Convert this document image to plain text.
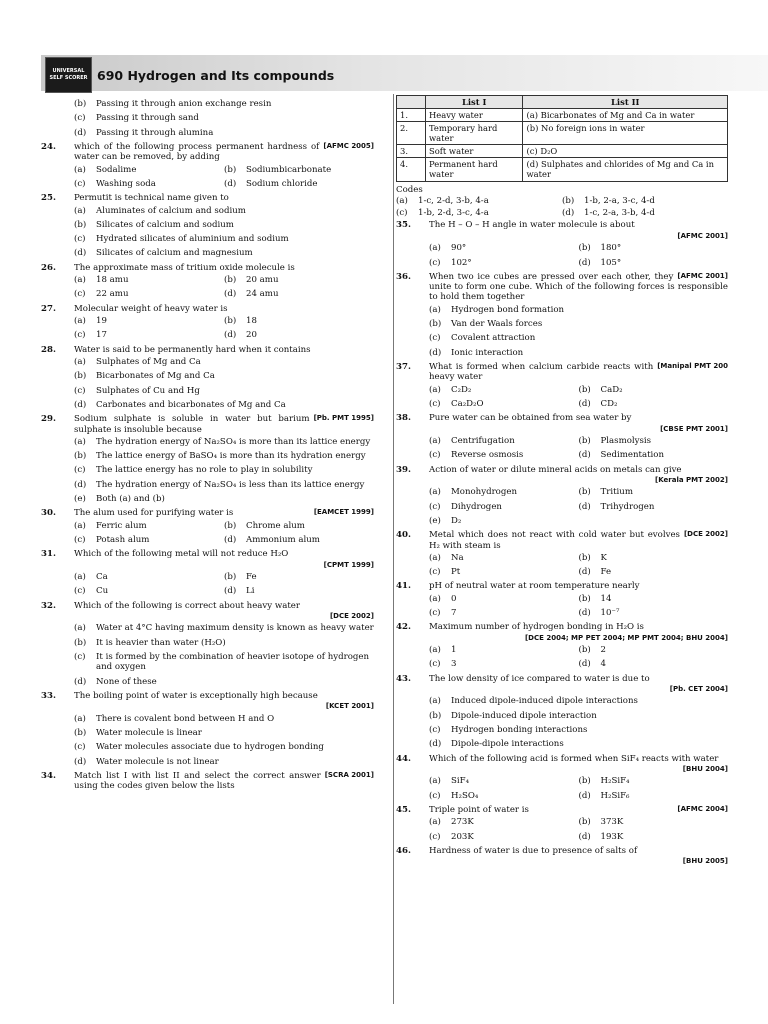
UNIVERSAL
SELF SCORER 690 Hydrogen and Its compounds
(b) Passing it through anion exchange resin
(c) Passing it through sand
(d) Passing it through alumina
24.	[AFMC 2005]
which of the following process permanent hardness of water can be removed, by adding
(a) Sodalime	(b) Sodiumbicarbonate
(c) Washing soda	(d) Sodium chloride
25. Permutit is technical name given to
(a) Aluminates of calcium and sodium
(b) Silicates of calcium and sodium
(c) Hydrated silicates of aluminium and sodium
(d) Silicates of calcium and magnesium
26. The approximate mass of tritium oxide molecule is
(a) 18 amu	(b) 20 amu
(c) 22 amu	(d) 24 amu
27. Molecular weight of heavy water is
(a) 19	(b) 18
(c) 17	(d) 20
28. Water is said to be permanently hard when it contains
(a) Sulphates of Mg and Ca
(b) Bicarbonates of Mg and Ca
(c) Sulphates of Cu and Hg
(d) Carbonates and bicarbonates of Mg and Ca
29.	[Pb. PMT 1995]
Sodium sulphate is soluble in water but barium sulphate is insoluble because
(a) The hydration energy of Na₂SO₄ is more than its lattice energy
(b) The lattice energy of BaSO₄ is more than its hydration energy
(c) The lattice energy has no role to play in solubility
(d) The hydration energy of Na₂SO₄ is less than its lattice energy
(e) Both (a) and (b)
30.	[EAMCET 1999]
The alum used for purifying water is
(a) Ferric alum	(b) Chrome alum
(c) Potash alum	(d) Ammonium alum
31. Which of the following metal will not reduce H₂O
[CPMT 1999]
(a) Ca	(b) Fe
(c) Cu	(d) Li
32. Which of the following is correct about heavy water
[DCE 2002]
(a) Water at 4°C having maximum density is known as heavy water
(b) It is heavier than water (H₂O)
(c) It is formed by the combination of heavier isotope of hydrogen and oxygen
(d) None of these
33. The boiling point of water is exceptionally high because
[KCET 2001]
(a) There is covalent bond between H and O
(b) Water molecule is linear
(c) Water molecules associate due to hydrogen bonding
(d) Water molecule is not linear
34.	[SCRA 2001]
Match list I with list II and select the correct answer using the codes given below the lists
	List I	List II
1.	Heavy water	(a) Bicarbonates of Mg and Ca in water
2.	Temporary hard water	(b) No foreign ions in water
3.	Soft water	(c) D₂O
4.	Permanent hard water	(d) Sulphates and chlorides of Mg and Ca in water
Codes
(a) 1-c, 2-d, 3-b, 4-a	(b) 1-b, 2-a, 3-c, 4-d
(c) 1-b, 2-d, 3-c, 4-a	(d) 1-c, 2-a, 3-b, 4-d
35. The H – O – H angle in water molecule is about
[AFMC 2001]
(a) 90°	(b) 180°
(c) 102°	(d) 105°
36.	[AFMC 2001]
When two ice cubes are pressed over each other, they unite to form one cube. Which of the following forces is responsible to hold them together
(a) Hydrogen bond formation
(b) Van der Waals forces
(c) Covalent attraction
(d) Ionic interaction
37.	[Manipal PMT 200
What is formed when calcium carbide reacts with heavy water
(a) C₂D₂	(b) CaD₂
(c) Ca₂D₂O	(d) CD₂
38. Pure water can be obtained from sea water by
[CBSE PMT 2001]
(a) Centrifugation	(b) Plasmolysis
(c) Reverse osmosis	(d) Sedimentation
39. Action of water or dilute mineral acids on metals can give
[Kerala PMT 2002]
(a) Monohydrogen	(b) Tritium
(c) Dihydrogen	(d) Trihydrogen
(e) D₂
40.	[DCE 2002]
Metal which does not react with cold water but evolves H₂ with steam is
(a) Na	(b) K
(c) Pt	(d) Fe
41. pH of neutral water at room temperature nearly
(a) 0	(b) 14
(c) 7	(d) 10⁻⁷
42. Maximum number of hydrogen bonding in H₂O is
[DCE 2004; MP PET 2004; MP PMT 2004; BHU 2004]
(a) 1	(b) 2
(c) 3	(d) 4
43. The low density of ice compared to water is due to
[Pb. CET 2004]
(a) Induced dipole-induced dipole interactions
(b) Dipole-induced dipole interaction
(c) Hydrogen bonding interactions
(d) Dipole-dipole interactions
44. Which of the following acid is formed when SiF₄ reacts with water
[BHU 2004]
(a) SiF₄	(b) H₂SiF₄
(c) H₂SO₄	(d) H₂SiF₆
45.	[AFMC 2004]
Triple point of water is
(a) 273K	(b) 373K
(c) 203K	(d) 193K
46. Hardness of water is due to presence of salts of
[BHU 2005]
